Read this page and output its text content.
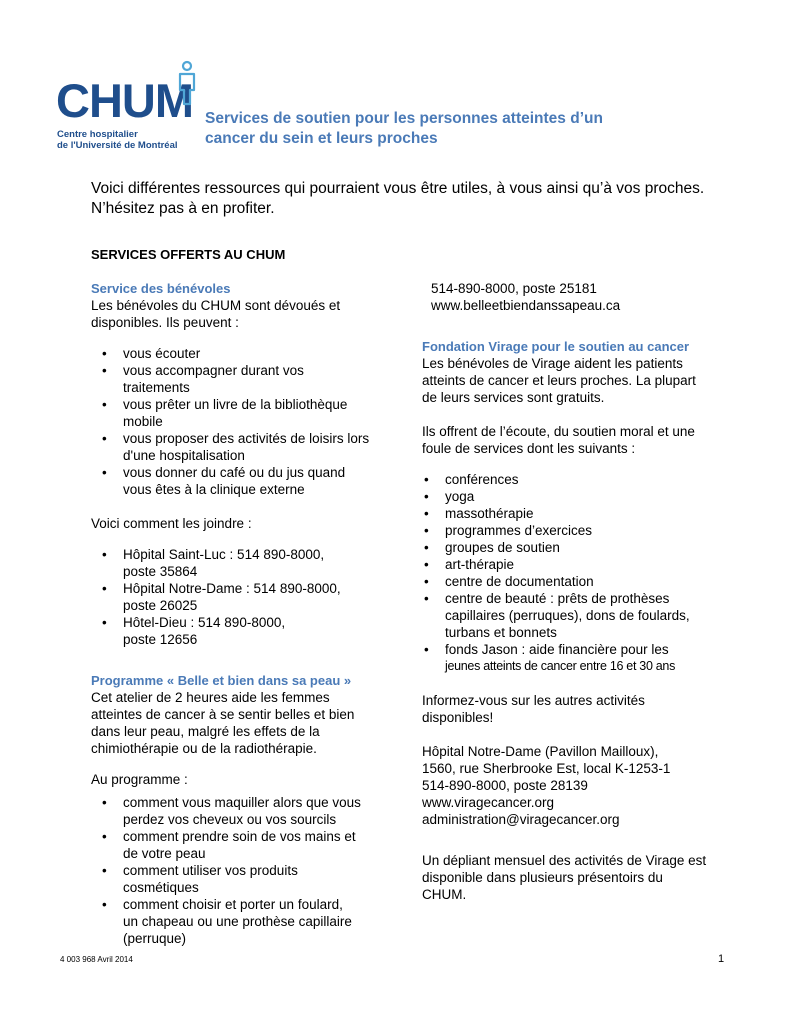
CHUM
Centre hospitalier
de l'Université de Montréal
Services de soutien pour les personnes atteintes d’un
cancer du sein et leurs proches
Voici différentes ressources qui pourraient vous être utiles, à vous ainsi qu’à vos proches.
N’hésitez pas à en profiter.
SERVICES OFFERTS AU CHUM

Service des bénévoles

Les bénévoles du CHUM sont dévoués et

disponibles. Ils peuvent :

• vous écouter
• vous accompagner durant vos
traitements
• vous prêter un livre de la bibliothèque
mobile
• vous proposer des activités de loisirs lors
d'une hospitalisation
• vous donner du café ou du jus quand
vous êtes à la clinique externe

Voici comment les joindre :

• Hôpital Saint-Luc : 514 890-8000,
poste 35864
• Hôpital Notre-Dame : 514 890-8000,
poste 26025
• Hôtel-Dieu : 514 890-8000,
poste 12656

Programme « Belle et bien dans sa peau »

Cet atelier de 2 heures aide les femmes

atteintes de cancer à se sentir belles et bien

dans leur peau, malgré les effets de la

chimiothérapie ou de la radiothérapie.

Au programme :

• comment vous maquiller alors que vous
perdez vos cheveux ou vos sourcils
• comment prendre soin de vos mains et
de votre peau
• comment utiliser vos produits
cosmétiques
• comment choisir et porter un foulard,
un chapeau ou une prothèse capillaire
(perruque)

514-890-8000, poste 25181

www.belleetbiendanssapeau.ca

Fondation Virage pour le soutien au cancer

Les bénévoles de Virage aident les patients

atteints de cancer et leurs proches. La plupart

de leurs services sont gratuits.

Ils offrent de l’écoute, du soutien moral et une

foule de services dont les suivants :

• conférences
• yoga
• massothérapie
• programmes d’exercices
• groupes de soutien
• art-thérapie
• centre de documentation
• centre de beauté : prêts de prothèses
capillaires (perruques), dons de foulards,
turbans et bonnets
• fonds Jason : aide financière pour les
jeunes atteints de cancer entre 16 et 30 ans

Informez-vous sur les autres activités

disponibles!

Hôpital Notre-Dame (Pavillon Mailloux),

1560, rue Sherbrooke Est, local K-1253-1

514-890-8000, poste 28139

www.viragecancer.org

administration@viragecancer.org

Un dépliant mensuel des activités de Virage est

disponible dans plusieurs présentoirs du

CHUM.

4 003 968 Avril 2014	1
